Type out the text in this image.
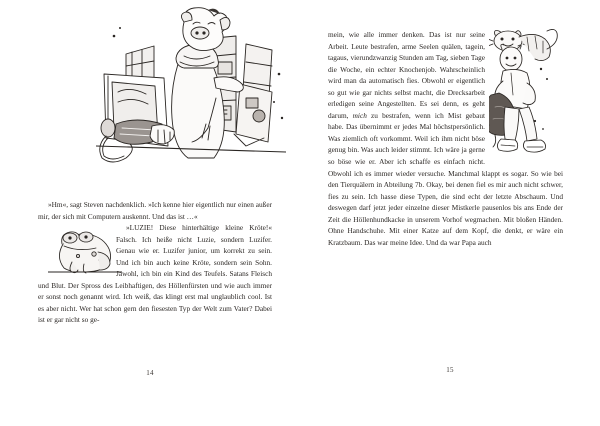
»Hm«, sagt Steven nachdenklich. »Ich kenne hier eigentlich nur einen außer mir, der sich mit Computern auskennt. Und das ist …«

»LUZIE! Diese hinterhältige kleine Kröte!« Falsch. Ich heiße nicht Luzie, sondern Luzifer. Genau wie er. Luzifer junior, um korrekt zu sein. Und ich bin auch keine Kröte, sondern sein Sohn. Jawohl, ich bin ein Kind des Teufels. Satans Fleisch und Blut. Der Spross des Leibhaftigen, des Höllenfürsten und wie auch immer er sonst noch genannt wird. Ich weiß, das klingt erst mal unglaublich cool. Ist es aber nicht. Wer hat schon gern den fiesesten Typ der Welt zum Vater? Dabei ist er gar nicht so ge-

14

mein, wie alle immer denken. Das ist nur seine Arbeit. Leute bestrafen, arme Seelen quälen, tagein, tagaus, vierundzwanzig Stunden am Tag, sieben Tage die Woche, ein echter Knochenjob. Wahrscheinlich wird man da automatisch fies. Obwohl er eigentlich so gut wie gar nichts selbst macht, die Drecksarbeit erledigen seine Angestellten. Es sei denn, es geht darum, mich zu bestrafen, wenn ich Mist gebaut habe. Das übernimmt er jedes Mal höchstpersönlich. Was ziemlich oft vorkommt. Weil ich ihm nicht böse genug bin. Was auch leider stimmt. Ich wäre ja gerne so böse wie er. Aber ich schaffe es einfach nicht. Obwohl ich es immer wieder versuche. Manchmal klappt es sogar. So wie bei den Tierquälern in Abteilung 7b. Okay, bei denen fiel es mir auch nicht schwer, fies zu sein. Ich hasse diese Typen, die sind echt der letzte Abschaum. Und deswegen darf jetzt jeder einzelne dieser Mistkerle pausenlos bis ans Ende der Zeit die Höllenhundkacke in unserem Vorhof wegmachen. Mit bloßen Händen. Ohne Handschuhe. Mit einer Katze auf dem Kopf, die denkt, er wäre ein Kratzbaum. Das war meine Idee. Und da war Papa auch

15
